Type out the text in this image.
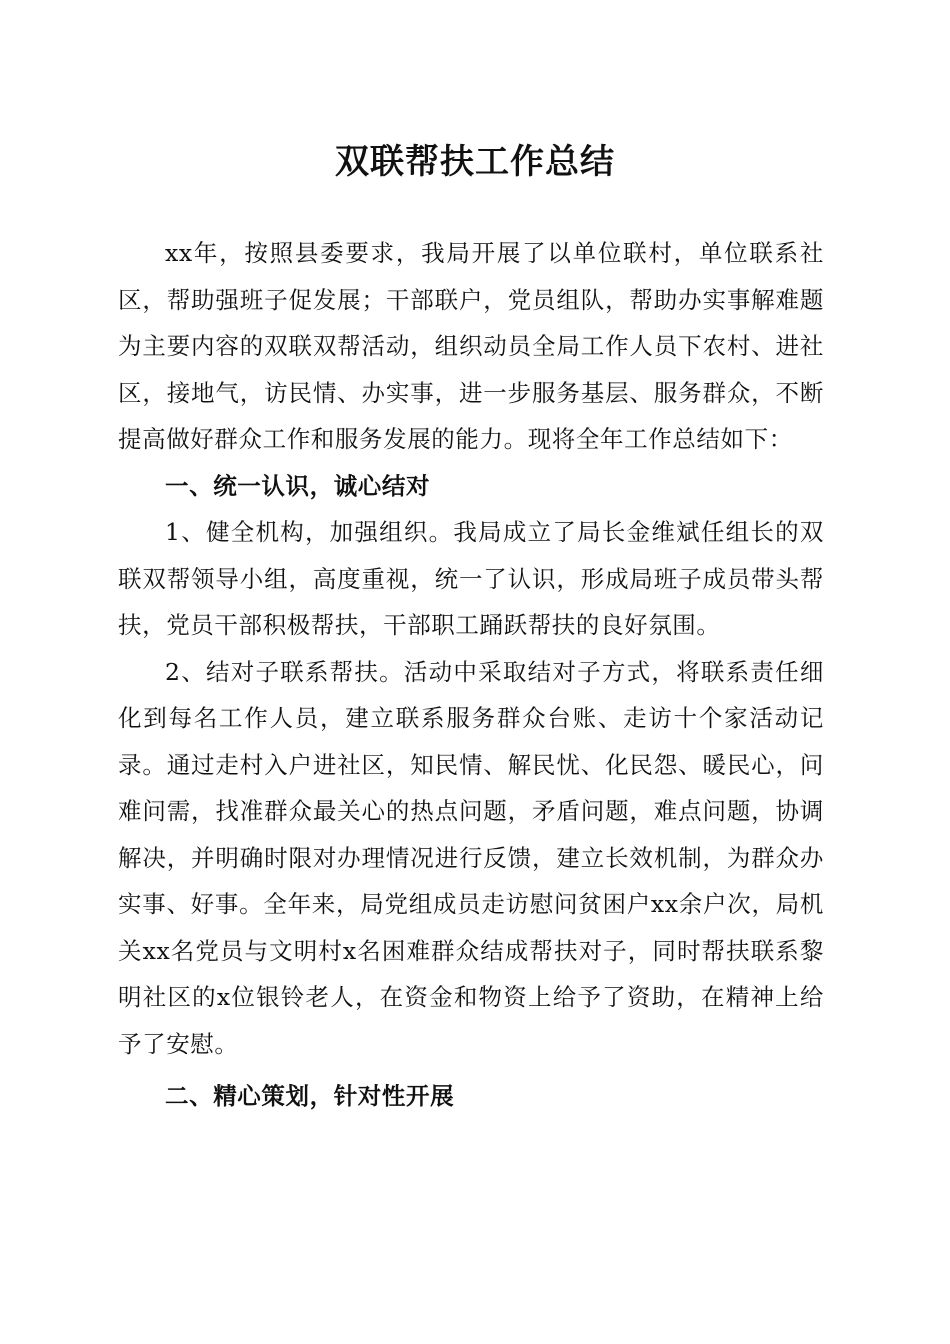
双联帮扶工作总结

xx年，按照县委要求，我局开展了以单位联村，单位联系社区，帮助强班子促发展；干部联户，党员组队，帮助办实事解难题为主要内容的双联双帮活动，组织动员全局工作人员下农村、进社区，接地气，访民情、办实事，进一步服务基层、服务群众，不断提高做好群众工作和服务发展的能力。现将全年工作总结如下：

一、统一认识，诚心结对

1、健全机构，加强组织。我局成立了局长金维斌任组长的双联双帮领导小组，高度重视，统一了认识，形成局班子成员带头帮扶，党员干部积极帮扶，干部职工踊跃帮扶的良好氛围。

2、结对子联系帮扶。活动中采取结对子方式，将联系责任细化到每名工作人员，建立联系服务群众台账、走访十个家活动记录。通过走村入户进社区，知民情、解民忧、化民怨、暖民心，问难问需，找准群众最关心的热点问题，矛盾问题，难点问题，协调解决，并明确时限对办理情况进行反馈，建立长效机制，为群众办实事、好事。全年来，局党组成员走访慰问贫困户xx余户次，局机关xx名党员与文明村x名困难群众结成帮扶对子，同时帮扶联系黎明社区的x位银铃老人，在资金和物资上给予了资助，在精神上给予了安慰。

二、精心策划，针对性开展
